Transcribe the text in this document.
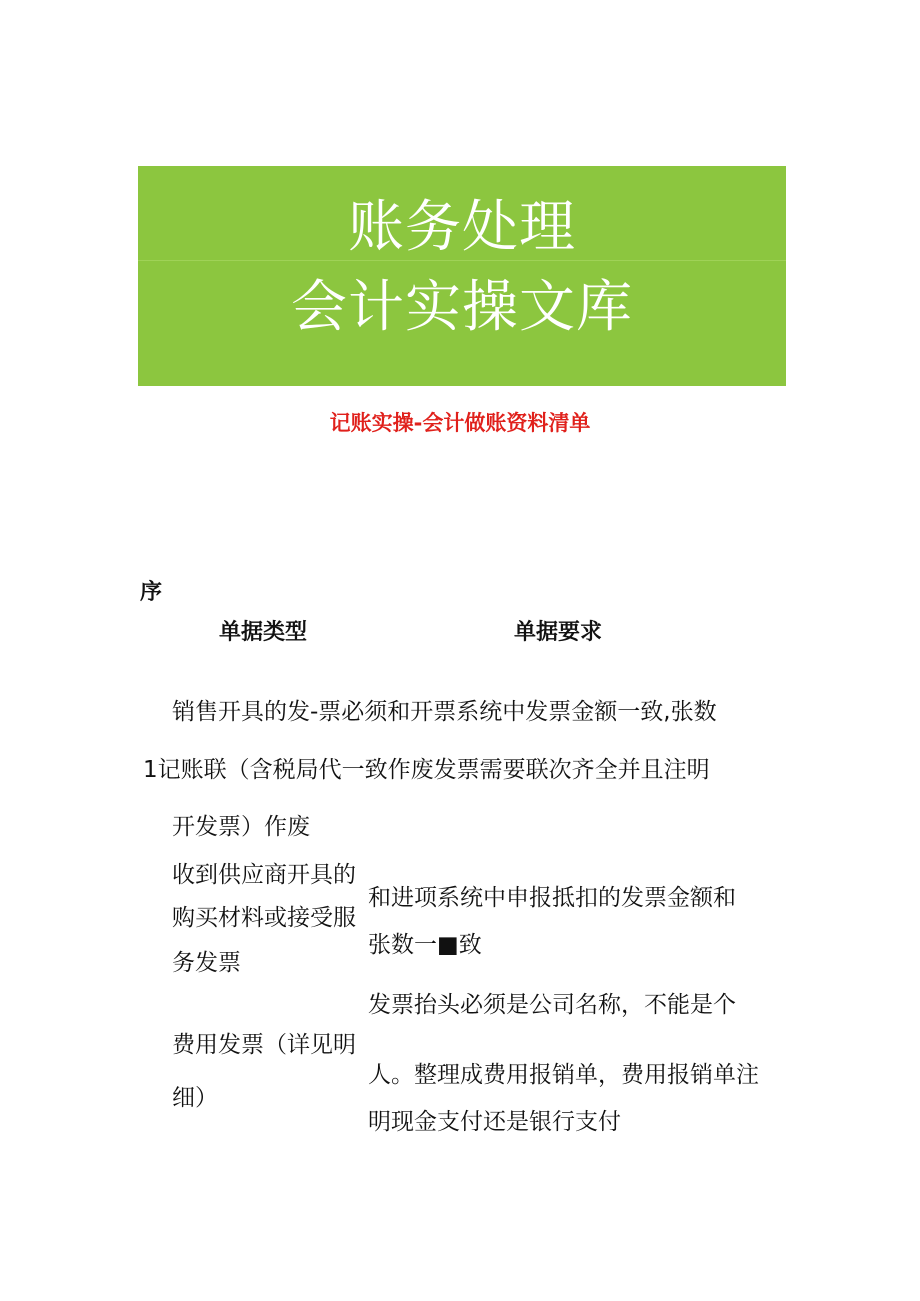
账务处理
会计实操文库
记账实操-会计做账资料清单
序
单据类型	单据要求
销售开具的发-票必须和开票系统中发票金额一致,张数
1记账联（含税局代一致作废发票需要联次齐全并且注明
开发票）作废
收到供应商开具的
购买材料或接受服
务发票
和进项系统中申报抵扣的发票金额和
张数一■致
费用发票（详见明
细）
发票抬头必须是公司名称，不能是个
人。整理成费用报销单，费用报销单注
明现金支付还是银行支付
